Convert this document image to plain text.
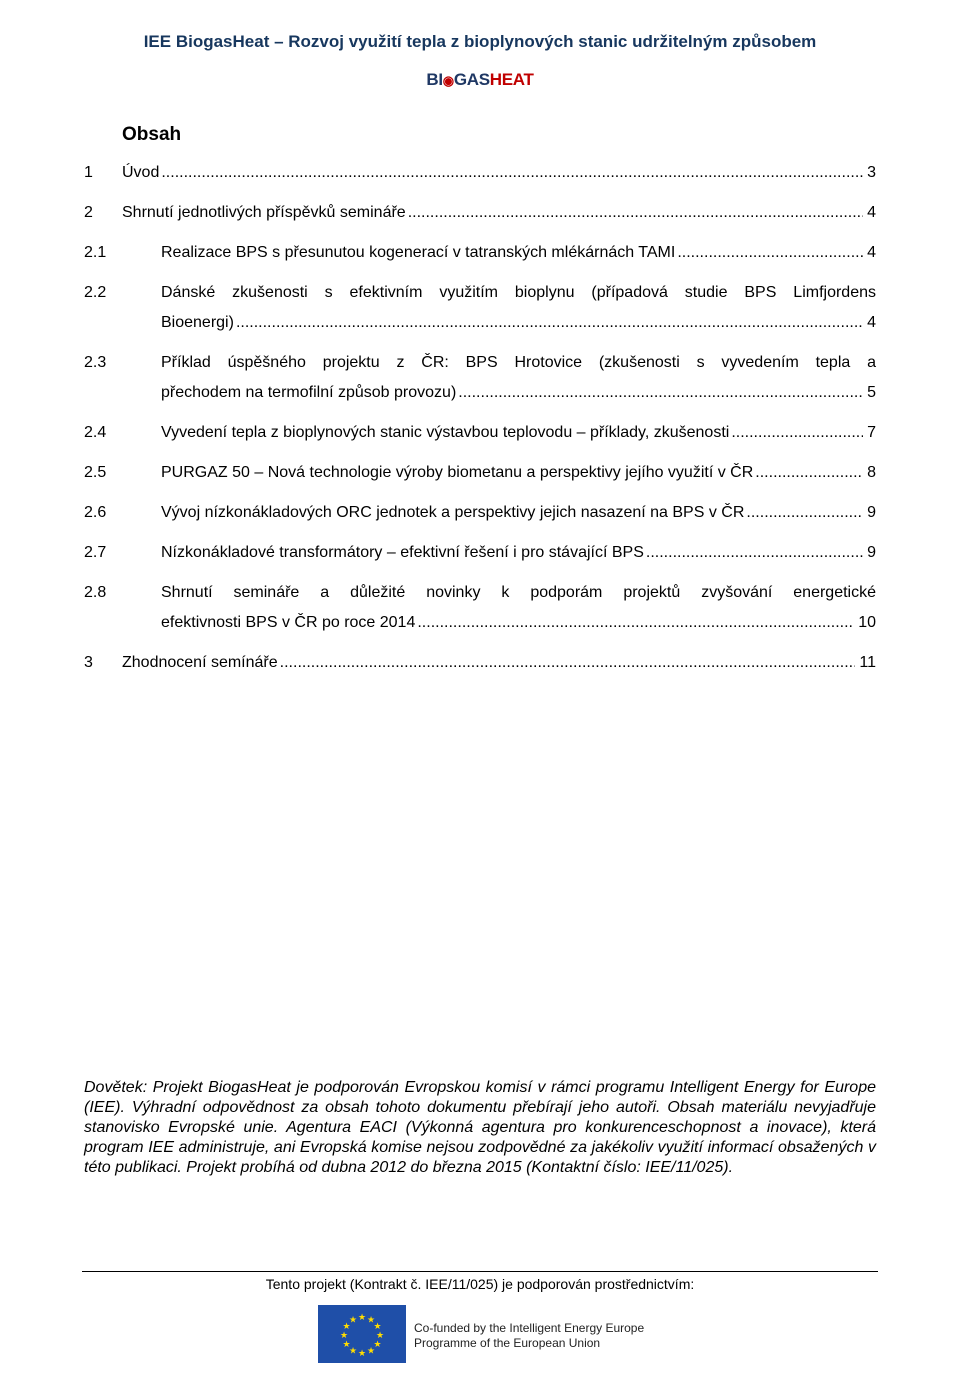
IEE BiogasHeat – Rozvoj využití tepla z bioplynových stanic udržitelným způsobem
BI◉GASHEAT
Obsah
1 Úvod .....	3
2 Shrnutí jednotlivých příspěvků semináře .....	4
2.1	Realizace BPS s přesunutou kogenerací v tatranských mlékárnách TAMI .....	4
2.2	Dánské zkušenosti s efektivním využitím bioplynu (případová studie BPS Limfjordens
Bioenergi) .....	4
2.3	Příklad úspěšného projektu z ČR: BPS Hrotovice (zkušenosti s vyvedením tepla a
přechodem na termofilní způsob provozu) .....	5
2.4	Vyvedení tepla z bioplynových stanic výstavbou teplovodu – příklady, zkušenosti .....	7
2.5	PURGAZ 50 – Nová technologie výroby biometanu a perspektivy jejího využití v ČR .....	8
2.6	Vývoj nízkonákladových ORC jednotek a perspektivy jejich nasazení na BPS v ČR .....	9
2.7	Nízkonákladové transformátory – efektivní řešení i pro stávající BPS .....	9
2.8	Shrnutí semináře a důležité novinky k podporám projektů zvyšování energetické
efektivnosti BPS v ČR po roce 2014 .....	10
3 Zhodnocení semínáře .....	11
Dovětek: Projekt BiogasHeat je podporován Evropskou komisí v rámci programu Intelligent Energy for Europe (IEE). Výhradní odpovědnost za obsah tohoto dokumentu přebírají jeho autoři. Obsah materiálu nevyjadřuje stanovisko Evropské unie. Agentura EACI (Výkonná agentura pro konkurenceschopnost a inovace), která program IEE administruje, ani Evropská komise nejsou zodpovědné za jakékoliv využití informací obsažených v této publikaci. Projekt probíhá od dubna 2012 do března 2015 (Kontaktní číslo: IEE/11/025).
Tento projekt (Kontrakt č. IEE/11/025) je podporován prostřednictvím:
★ ★
★
★
★
★
★
★
★
★
★
★
Co-funded by the Intelligent Energy Europe
Programme of the European Union
